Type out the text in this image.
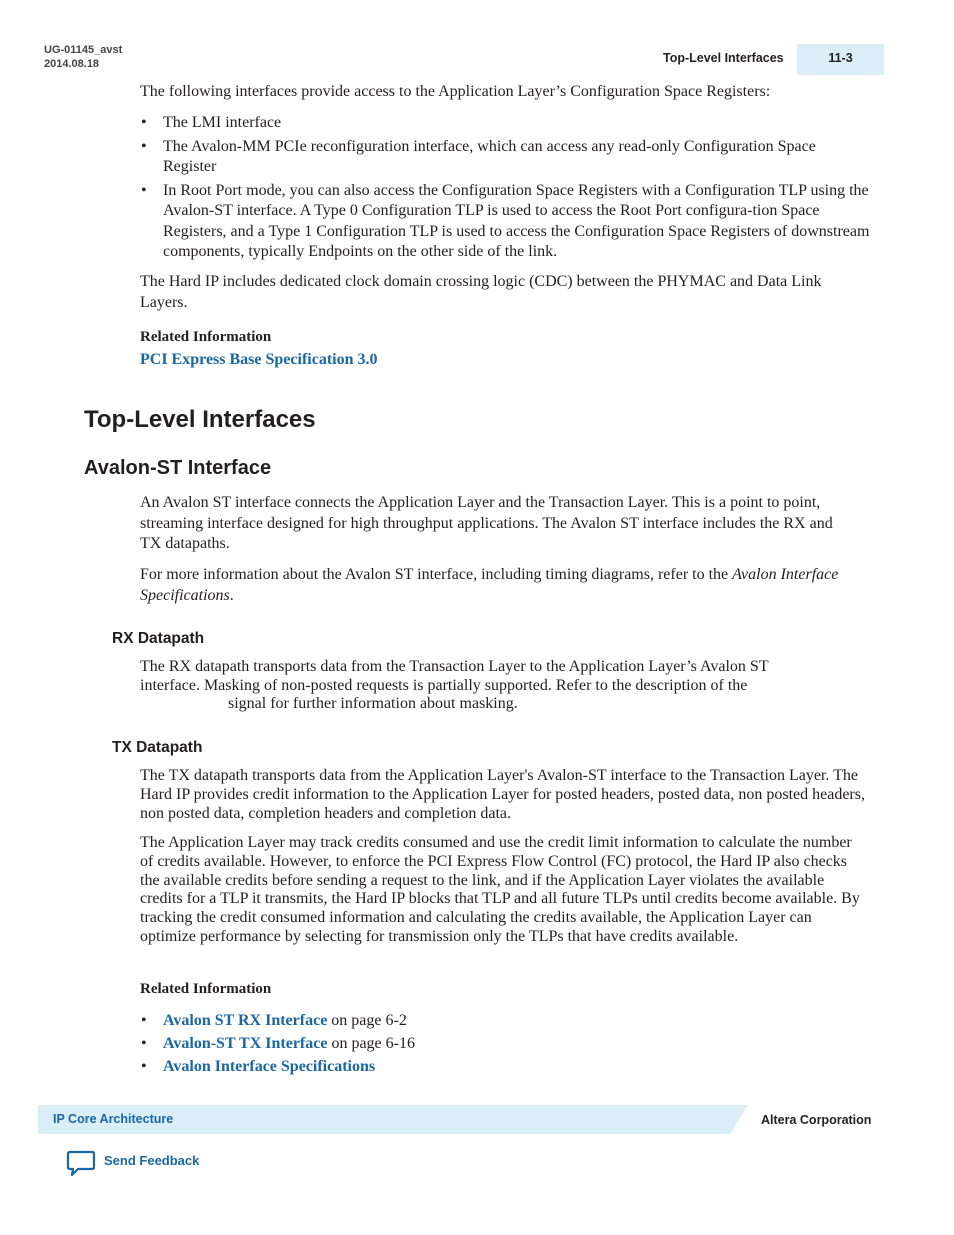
UG-01145_avst
2014.08.18	Top-Level Interfaces	11-3
The following interfaces provide access to the Application Layer’s Configuration Space Registers:
• The LMI interface
• The Avalon-MM PCIe reconfiguration interface, which can access any read-only Configuration Space Register
• In Root Port mode, you can also access the Configuration Space Registers with a Configuration TLP using the Avalon-ST interface. A Type 0 Configuration TLP is used to access the Root Port configura-tion Space Registers, and a Type 1 Configuration TLP is used to access the Configuration Space Registers of downstream components, typically Endpoints on the other side of the link.
The Hard IP includes dedicated clock domain crossing logic (CDC) between the PHYMAC and Data Link Layers.
Related Information
PCI Express Base Specification 3.0
Top-Level Interfaces
Avalon-ST Interface
An Avalon ST interface connects the Application Layer and the Transaction Layer. This is a point to point, streaming interface designed for high throughput applications. The Avalon ST interface includes the RX and TX datapaths.
For more information about the Avalon ST interface, including timing diagrams, refer to the Avalon Interface Specifications.
RX Datapath
The RX datapath transports data from the Transaction Layer to the Application Layer’s Avalon ST
interface. Masking of non-posted requests is partially supported. Refer to the description of the
signal for further information about masking.
TX Datapath
The TX datapath transports data from the Application Layer's Avalon-ST interface to the Transaction Layer. The Hard IP provides credit information to the Application Layer for posted headers, posted data, non posted headers, non posted data, completion headers and completion data.
The Application Layer may track credits consumed and use the credit limit information to calculate the number of credits available. However, to enforce the PCI Express Flow Control (FC) protocol, the Hard IP also checks the available credits before sending a request to the link, and if the Application Layer violates the available credits for a TLP it transmits, the Hard IP blocks that TLP and all future TLPs until credits become available. By tracking the credit consumed information and calculating the credits available, the Application Layer can optimize performance by selecting for transmission only the TLPs that have credits available.
Related Information
• Avalon ST RX Interface on page 6-2
• Avalon-ST TX Interface on page 6-16
• Avalon Interface Specifications
IP Core Architecture	Altera Corporation
Send Feedback
